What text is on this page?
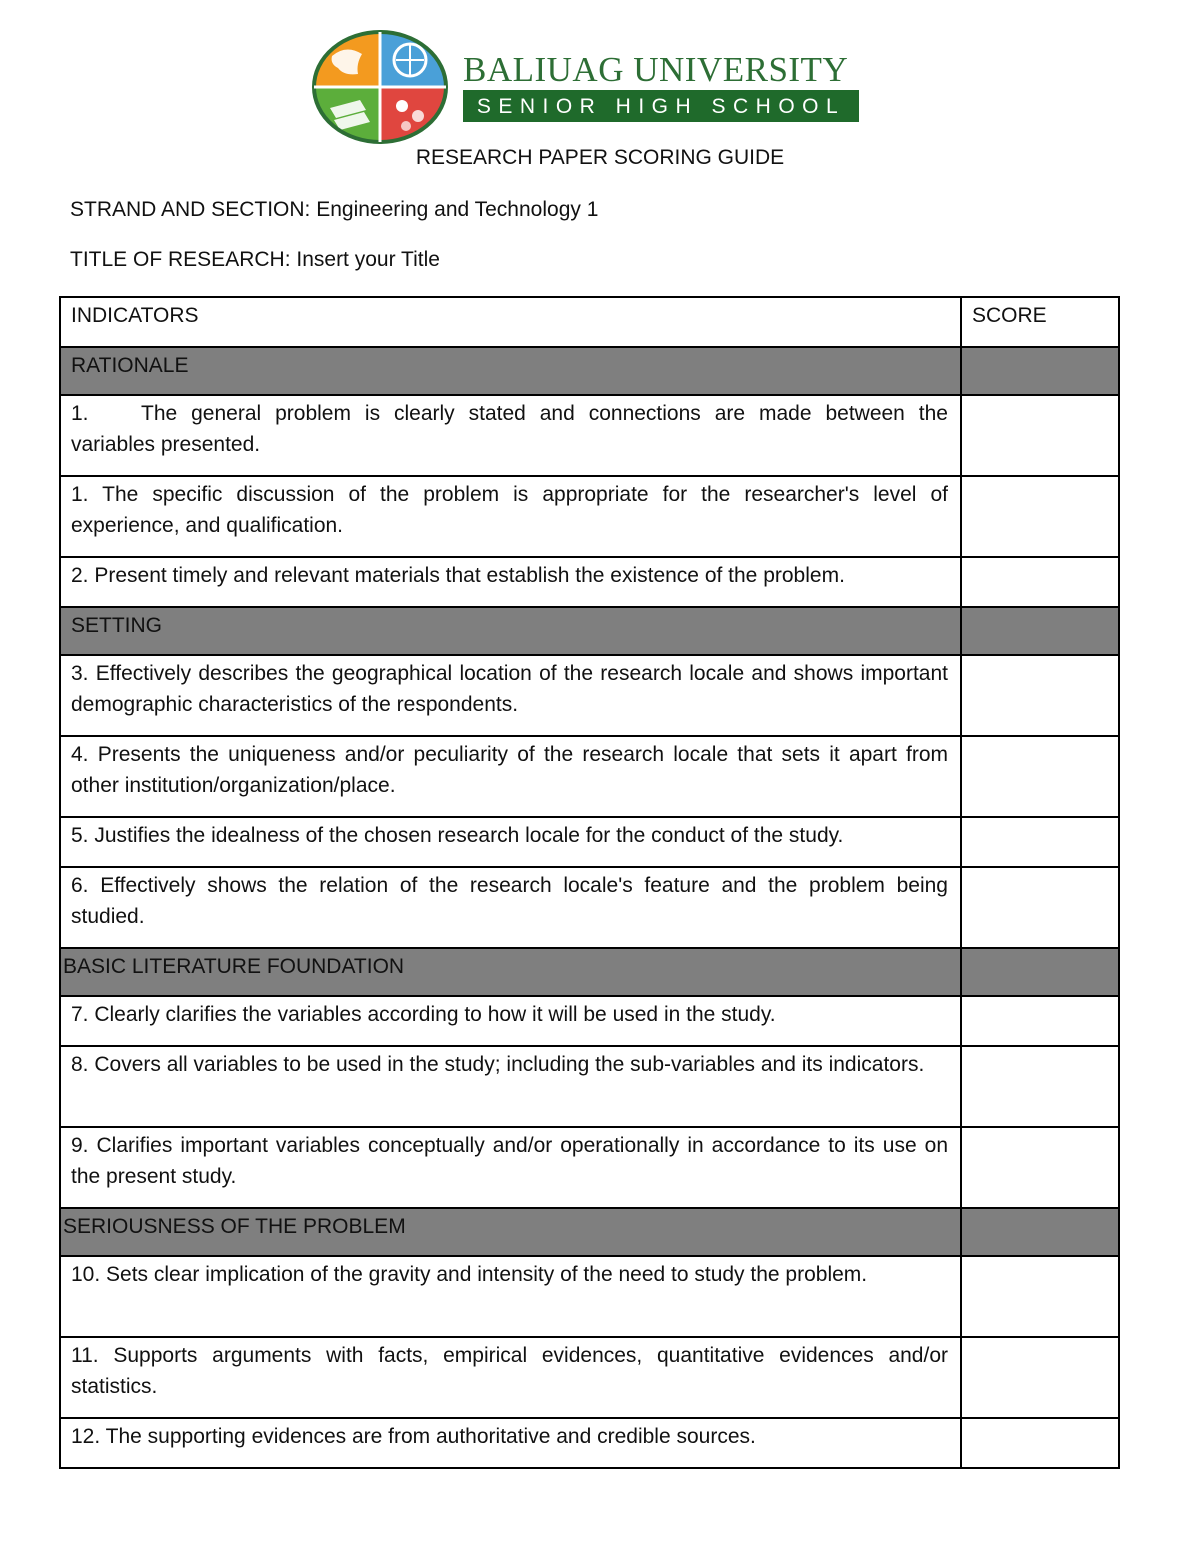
BALIUAG UNIVERSITY
SENIOR HIGH SCHOOL
RESEARCH PAPER SCORING GUIDE
STRAND AND SECTION: Engineering and Technology 1
TITLE OF RESEARCH: Insert your Title
INDICATORS	SCORE
RATIONALE	
1. The general problem is clearly stated and connections are made between the variables presented.	
1. The specific discussion of the problem is appropriate for the researcher's level of experience, and qualification.	
2. Present timely and relevant materials that establish the existence of the problem.	
SETTING	
3. Effectively describes the geographical location of the research locale and shows important demographic characteristics of the respondents.	
4. Presents the uniqueness and/or peculiarity of the research locale that sets it apart from other institution/organization/place.	
5. Justifies the idealness of the chosen research locale for the conduct of the study.	
6. Effectively shows the relation of the research locale's feature and the problem being studied.	
BASIC LITERATURE FOUNDATION	
7. Clearly clarifies the variables according to how it will be used in the study.	
8. Covers all variables to be used in the study; including the sub-variables and its indicators.	
9. Clarifies important variables conceptually and/or operationally in accordance to its use on the present study.	
SERIOUSNESS OF THE PROBLEM	
10. Sets clear implication of the gravity and intensity of the need to study the problem.	
11. Supports arguments with facts, empirical evidences, quantitative evidences and/or statistics.	
12. The supporting evidences are from authoritative and credible sources.	
